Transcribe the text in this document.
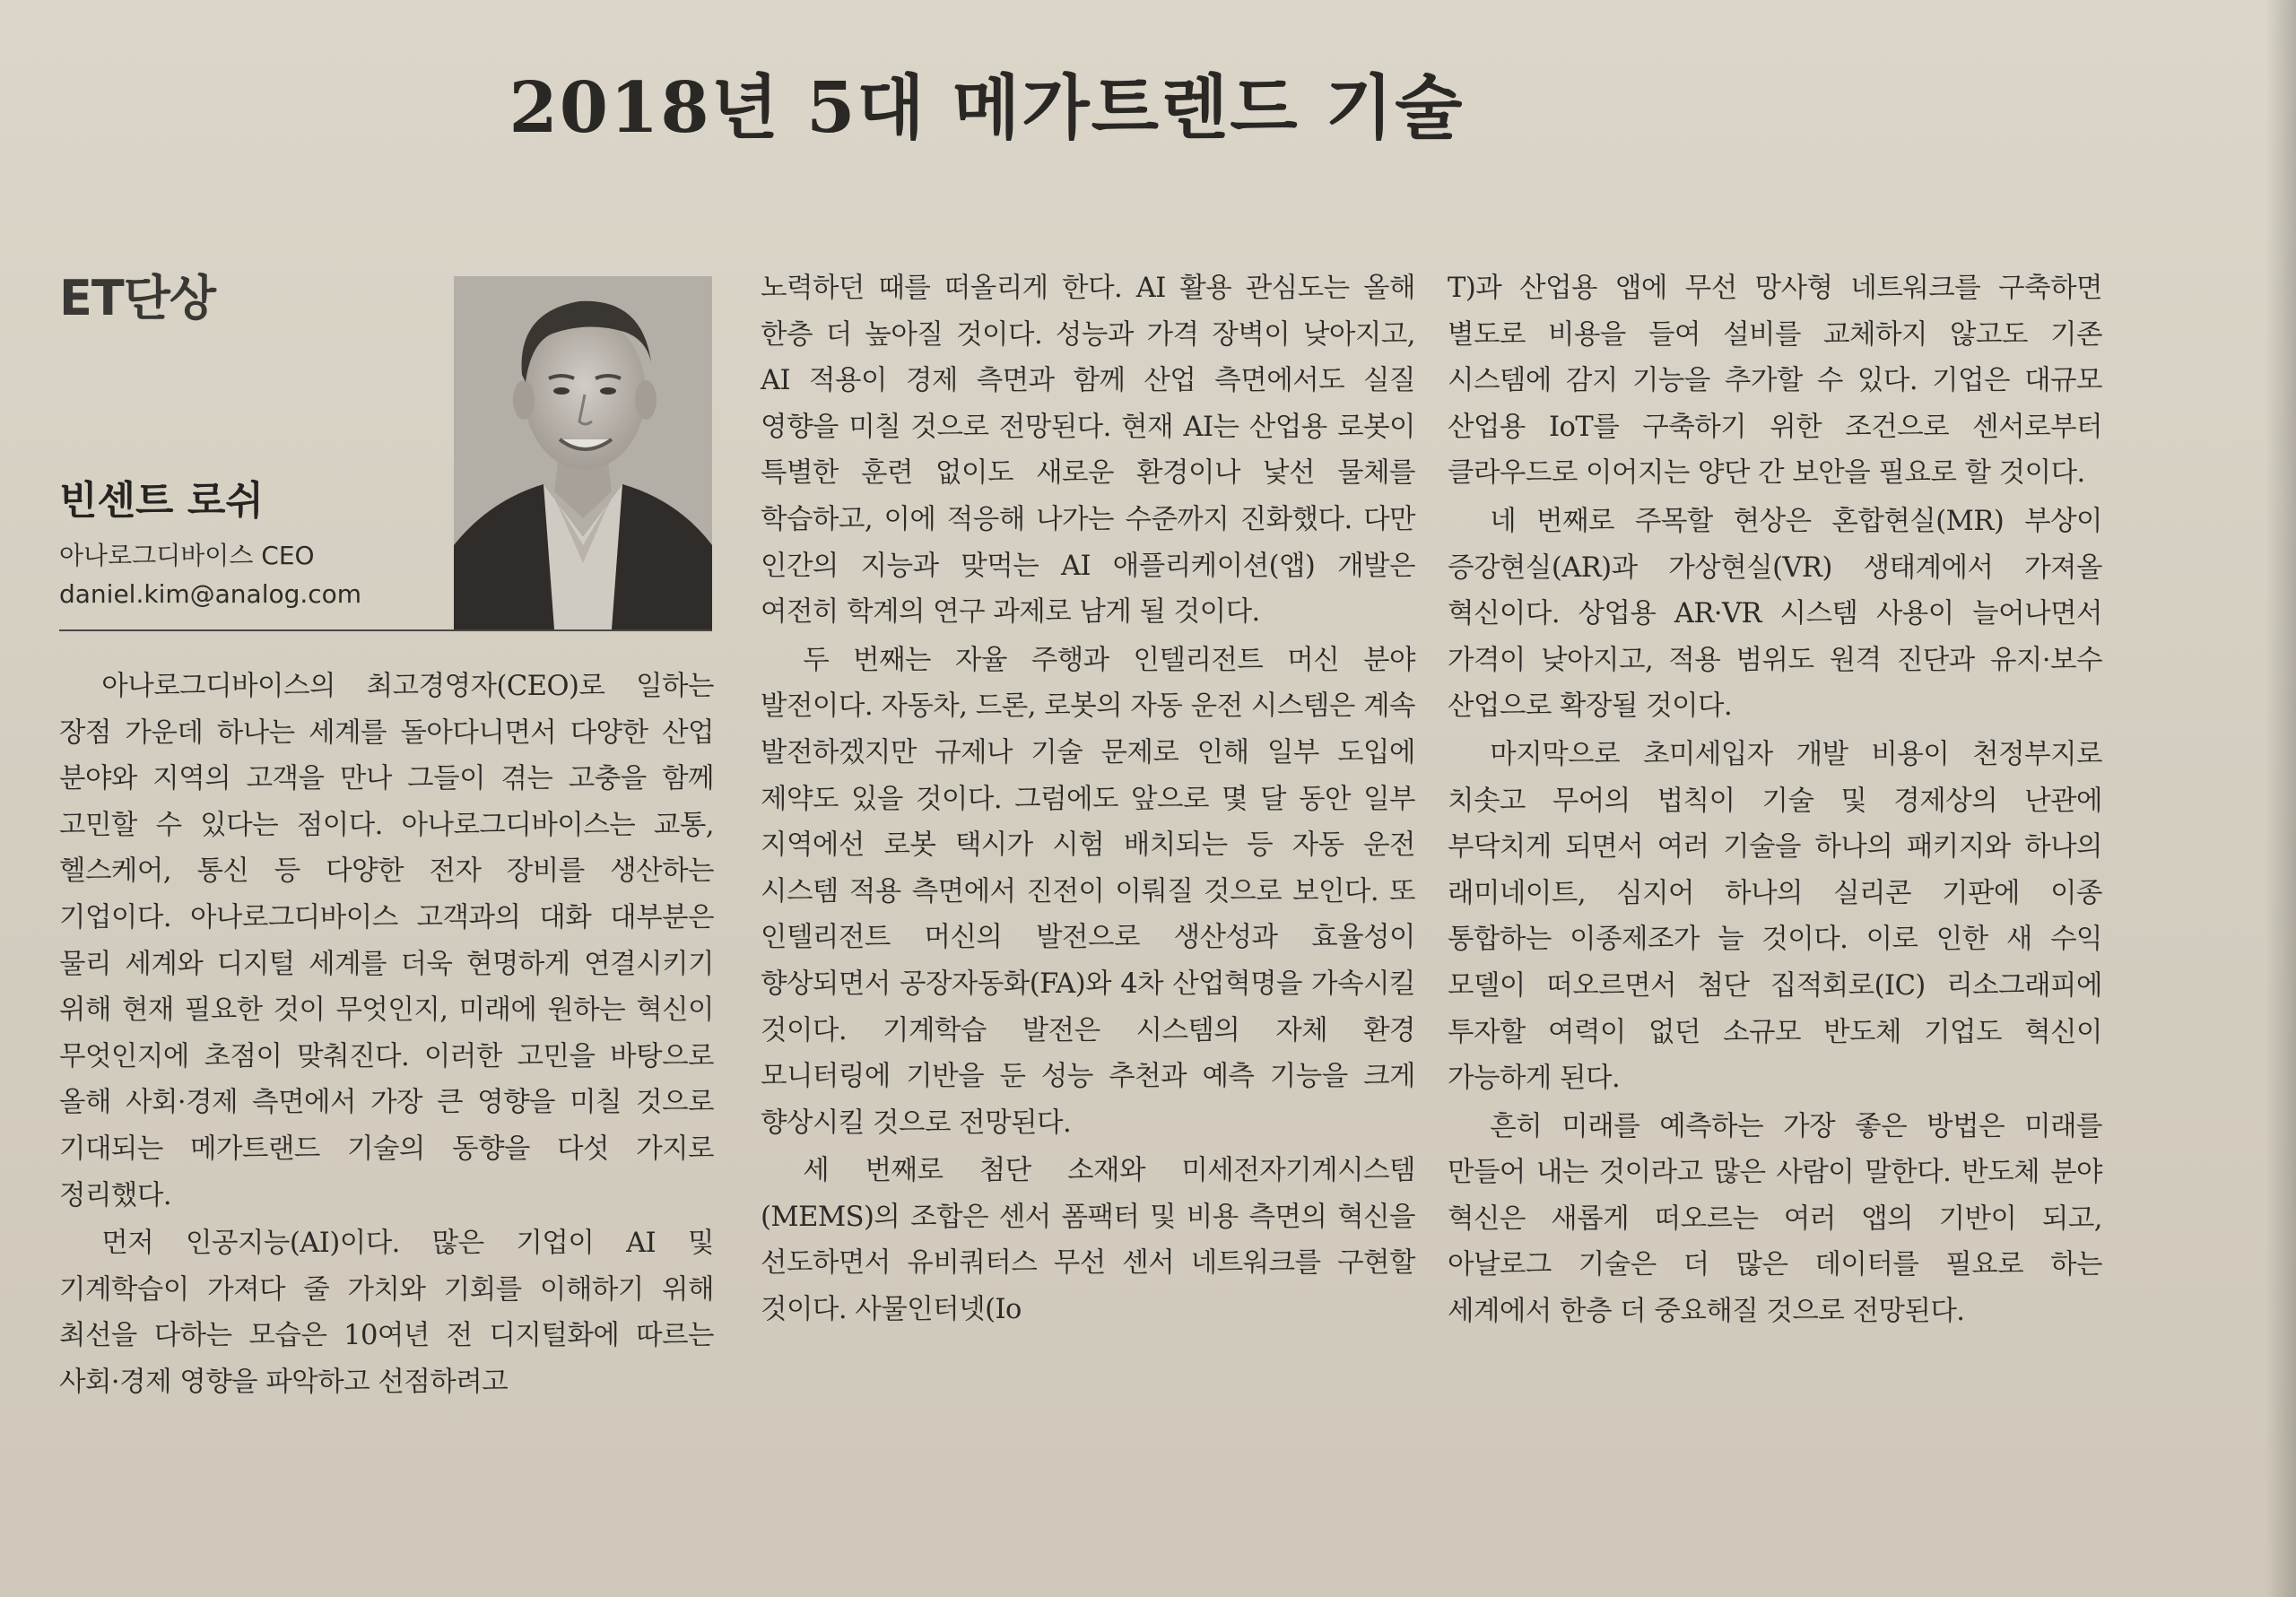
2018년 5대 메가트렌드 기술
ET단상
빈센트 로쉬
아나로그디바이스 CEO
daniel.kim@analog.com

아나로그디바이스의 최고경영자(CEO)로 일하는 장점 가운데 하나는 세계를 돌아다니면서 다양한 산업 분야와 지역의 고객을 만나 그들이 겪는 고충을 함께 고민할 수 있다는 점이다. 아나로그디바이스는 교통, 헬스케어, 통신 등 다양한 전자 장비를 생산하는 기업이다. 아나로그디바이스 고객과의 대화 대부분은 물리 세계와 디지털 세계를 더욱 현명하게 연결시키기 위해 현재 필요한 것이 무엇인지, 미래에 원하는 혁신이 무엇인지에 초점이 맞춰진다. 이러한 고민을 바탕으로 올해 사회·경제 측면에서 가장 큰 영향을 미칠 것으로 기대되는 메가트랜드 기술의 동향을 다섯 가지로 정리했다.

먼저 인공지능(AI)이다. 많은 기업이 AI 및 기계학습이 가져다 줄 가치와 기회를 이해하기 위해 최선을 다하는 모습은 10여년 전 디지털화에 따르는 사회·경제 영향을 파악하고 선점하려고

노력하던 때를 떠올리게 한다. AI 활용 관심도는 올해 한층 더 높아질 것이다. 성능과 가격 장벽이 낮아지고, AI 적용이 경제 측면과 함께 산업 측면에서도 실질 영향을 미칠 것으로 전망된다. 현재 AI는 산업용 로봇이 특별한 훈련 없이도 새로운 환경이나 낯선 물체를 학습하고, 이에 적응해 나가는 수준까지 진화했다. 다만 인간의 지능과 맞먹는 AI 애플리케이션(앱) 개발은 여전히 학계의 연구 과제로 남게 될 것이다.

두 번째는 자율 주행과 인텔리전트 머신 분야 발전이다. 자동차, 드론, 로봇의 자동 운전 시스템은 계속 발전하겠지만 규제나 기술 문제로 인해 일부 도입에 제약도 있을 것이다. 그럼에도 앞으로 몇 달 동안 일부 지역에선 로봇 택시가 시험 배치되는 등 자동 운전 시스템 적용 측면에서 진전이 이뤄질 것으로 보인다. 또 인텔리전트 머신의 발전으로 생산성과 효율성이 향상되면서 공장자동화(FA)와 4차 산업혁명을 가속시킬 것이다. 기계학습 발전은 시스템의 자체 환경 모니터링에 기반을 둔 성능 추천과 예측 기능을 크게 향상시킬 것으로 전망된다.

세 번째로 첨단 소재와 미세전자기계시스템(MEMS)의 조합은 센서 폼팩터 및 비용 측면의 혁신을 선도하면서 유비쿼터스 무선 센서 네트워크를 구현할 것이다. 사물인터넷(Io

T)과 산업용 앱에 무선 망사형 네트워크를 구축하면 별도로 비용을 들여 설비를 교체하지 않고도 기존 시스템에 감지 기능을 추가할 수 있다. 기업은 대규모 산업용 IoT를 구축하기 위한 조건으로 센서로부터 클라우드로 이어지는 양단 간 보안을 필요로 할 것이다.

네 번째로 주목할 현상은 혼합현실(MR) 부상이 증강현실(AR)과 가상현실(VR) 생태계에서 가져올 혁신이다. 상업용 AR·VR 시스템 사용이 늘어나면서 가격이 낮아지고, 적용 범위도 원격 진단과 유지·보수 산업으로 확장될 것이다.

마지막으로 초미세입자 개발 비용이 천정부지로 치솟고 무어의 법칙이 기술 및 경제상의 난관에 부닥치게 되면서 여러 기술을 하나의 패키지와 하나의 래미네이트, 심지어 하나의 실리콘 기판에 이종 통합하는 이종제조가 늘 것이다. 이로 인한 새 수익 모델이 떠오르면서 첨단 집적회로(IC) 리소그래피에 투자할 여력이 없던 소규모 반도체 기업도 혁신이 가능하게 된다.

흔히 미래를 예측하는 가장 좋은 방법은 미래를 만들어 내는 것이라고 많은 사람이 말한다. 반도체 분야 혁신은 새롭게 떠오르는 여러 앱의 기반이 되고, 아날로그 기술은 더 많은 데이터를 필요로 하는 세계에서 한층 더 중요해질 것으로 전망된다.
